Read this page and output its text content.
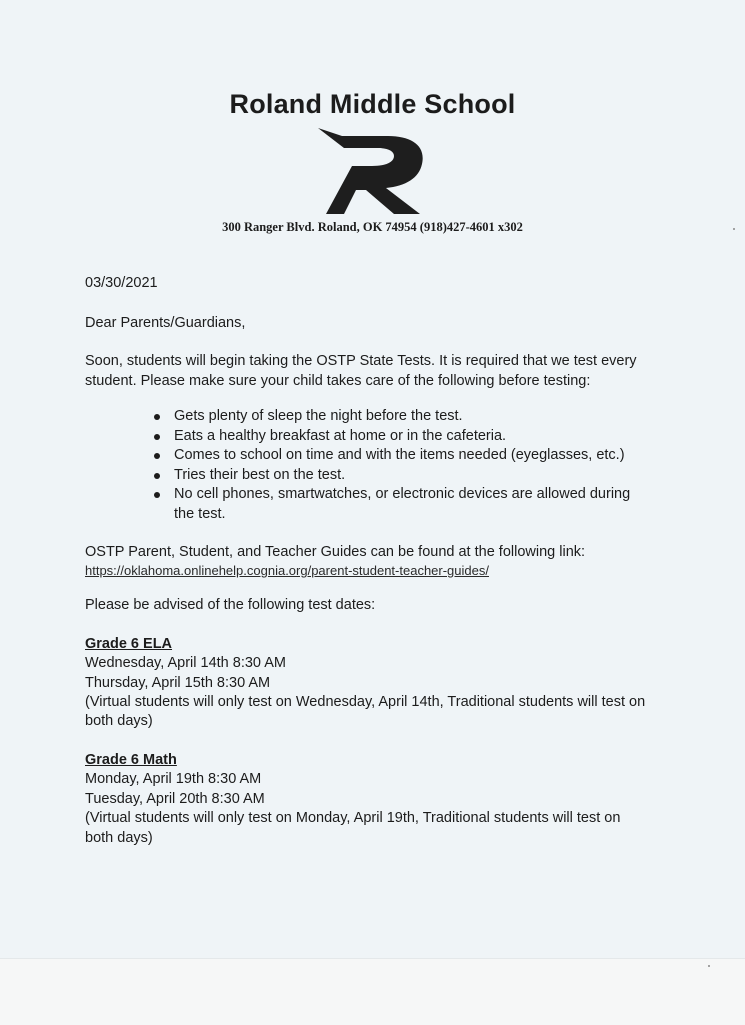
Roland Middle School
300 Ranger Blvd. Roland, OK 74954 (918)427-4601 x302
03/30/2021
Dear Parents/Guardians,
Soon, students will begin taking the OSTP State Tests. It is required that we test every
student. Please make sure your child takes care of the following before testing:
Gets plenty of sleep the night before the test.
Eats a healthy breakfast at home or in the cafeteria.
Comes to school on time and with the items needed (eyeglasses, etc.)
Tries their best on the test.
No cell phones, smartwatches, or electronic devices are allowed during
the test.
OSTP Parent, Student, and Teacher Guides can be found at the following link:
https://oklahoma.onlinehelp.cognia.org/parent-student-teacher-guides/
Please be advised of the following test dates:
Grade 6 ELA
Wednesday, April 14th 8:30 AM
Thursday, April 15th 8:30 AM
(Virtual students will only test on Wednesday, April 14th, Traditional students will test on
both days)
Grade 6 Math
Monday, April 19th 8:30 AM
Tuesday, April 20th 8:30 AM
(Virtual students will only test on Monday, April 19th, Traditional students will test on
both days)
